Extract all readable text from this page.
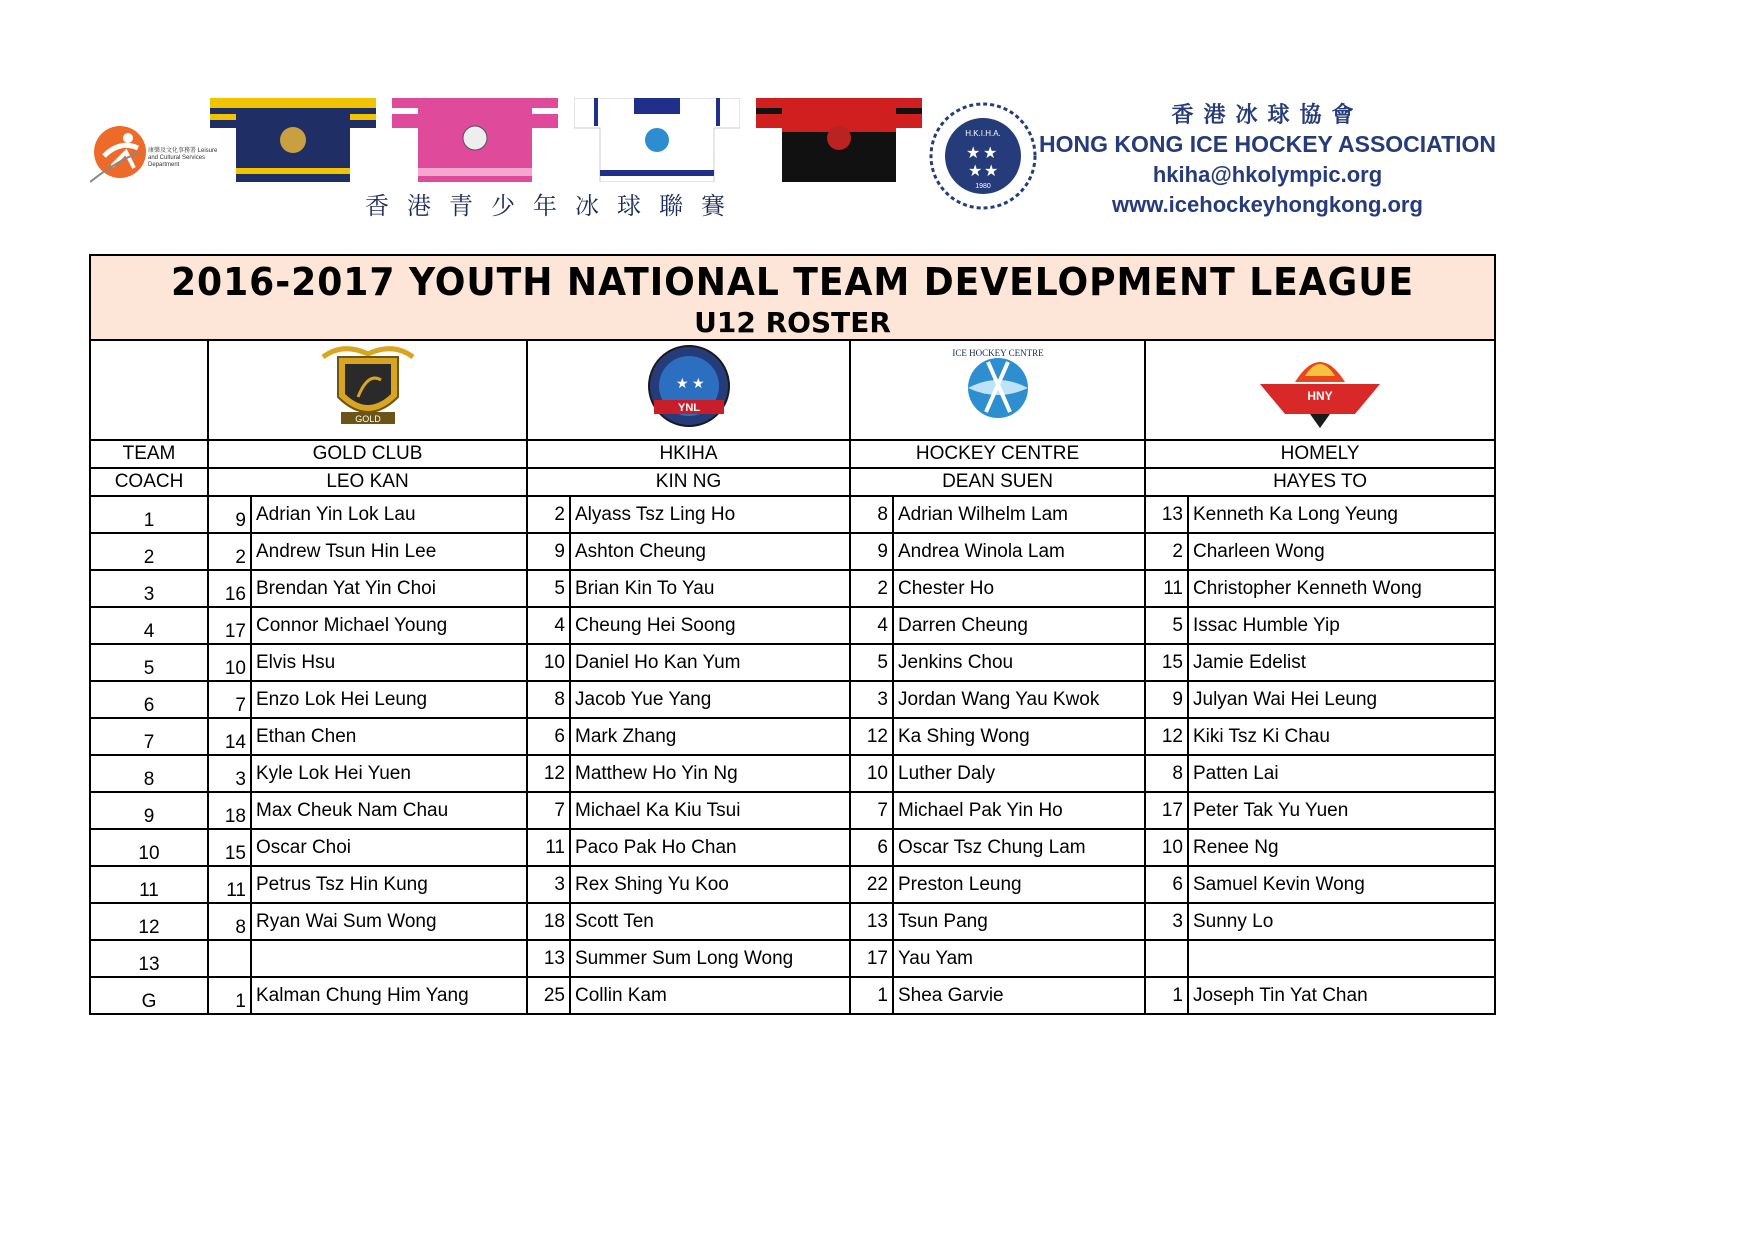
康樂及文化事務署 Leisure and Cultural Services Department
香港青少年冰球聯賽
H.K.I.H.A.
★ ★
★ ★
1980
香港冰球協會
HONG KONG ICE HOCKEY ASSOCIATION
hkiha@hkolympic.org
www.icehockeyhongkong.org
2016-2017 YOUTH NATIONAL TEAM DEVELOPMENT LEAGUE
U12 ROSTER								

GOLD		★ ★
YNL		ICE HOCKEY CENTRE		HNY	

TEAM	GOLD CLUB		HKIHA		HOCKEY CENTRE		HOMELY	
COACH	LEO KAN		KIN NG		DEAN SUEN		HAYES TO	
1	9	Adrian Yin Lok Lau	2	Alyass Tsz Ling Ho	8	Adrian Wilhelm Lam	13	Kenneth Ka Long Yeung
2	2	Andrew Tsun Hin Lee	9	Ashton Cheung	9	Andrea Winola Lam	2	Charleen Wong
3	16	Brendan Yat Yin Choi	5	Brian Kin To Yau	2	Chester Ho	11	Christopher Kenneth Wong
4	17	Connor Michael Young	4	Cheung Hei Soong	4	Darren Cheung	5	Issac Humble Yip
5	10	Elvis Hsu	10	Daniel Ho Kan Yum	5	Jenkins Chou	15	Jamie Edelist
6	7	Enzo Lok Hei Leung	8	Jacob Yue Yang	3	Jordan Wang Yau Kwok	9	Julyan Wai Hei Leung
7	14	Ethan Chen	6	Mark Zhang	12	Ka Shing Wong	12	Kiki Tsz Ki Chau
8	3	Kyle Lok Hei Yuen	12	Matthew Ho Yin Ng	10	Luther Daly	8	Patten Lai
9	18	Max Cheuk Nam Chau	7	Michael Ka Kiu Tsui	7	Michael Pak Yin Ho	17	Peter Tak Yu Yuen
10	15	Oscar Choi	11	Paco Pak Ho Chan	6	Oscar Tsz Chung Lam	10	Renee Ng
11	11	Petrus Tsz Hin Kung	3	Rex Shing Yu Koo	22	Preston Leung	6	Samuel Kevin Wong
12	8	Ryan Wai Sum Wong	18	Scott Ten	13	Tsun Pang	3	Sunny Lo
13			13	Summer Sum Long Wong	17	Yau Yam		
G	1	Kalman Chung Him Yang	25	Collin Kam	1	Shea Garvie	1	Joseph Tin Yat Chan
